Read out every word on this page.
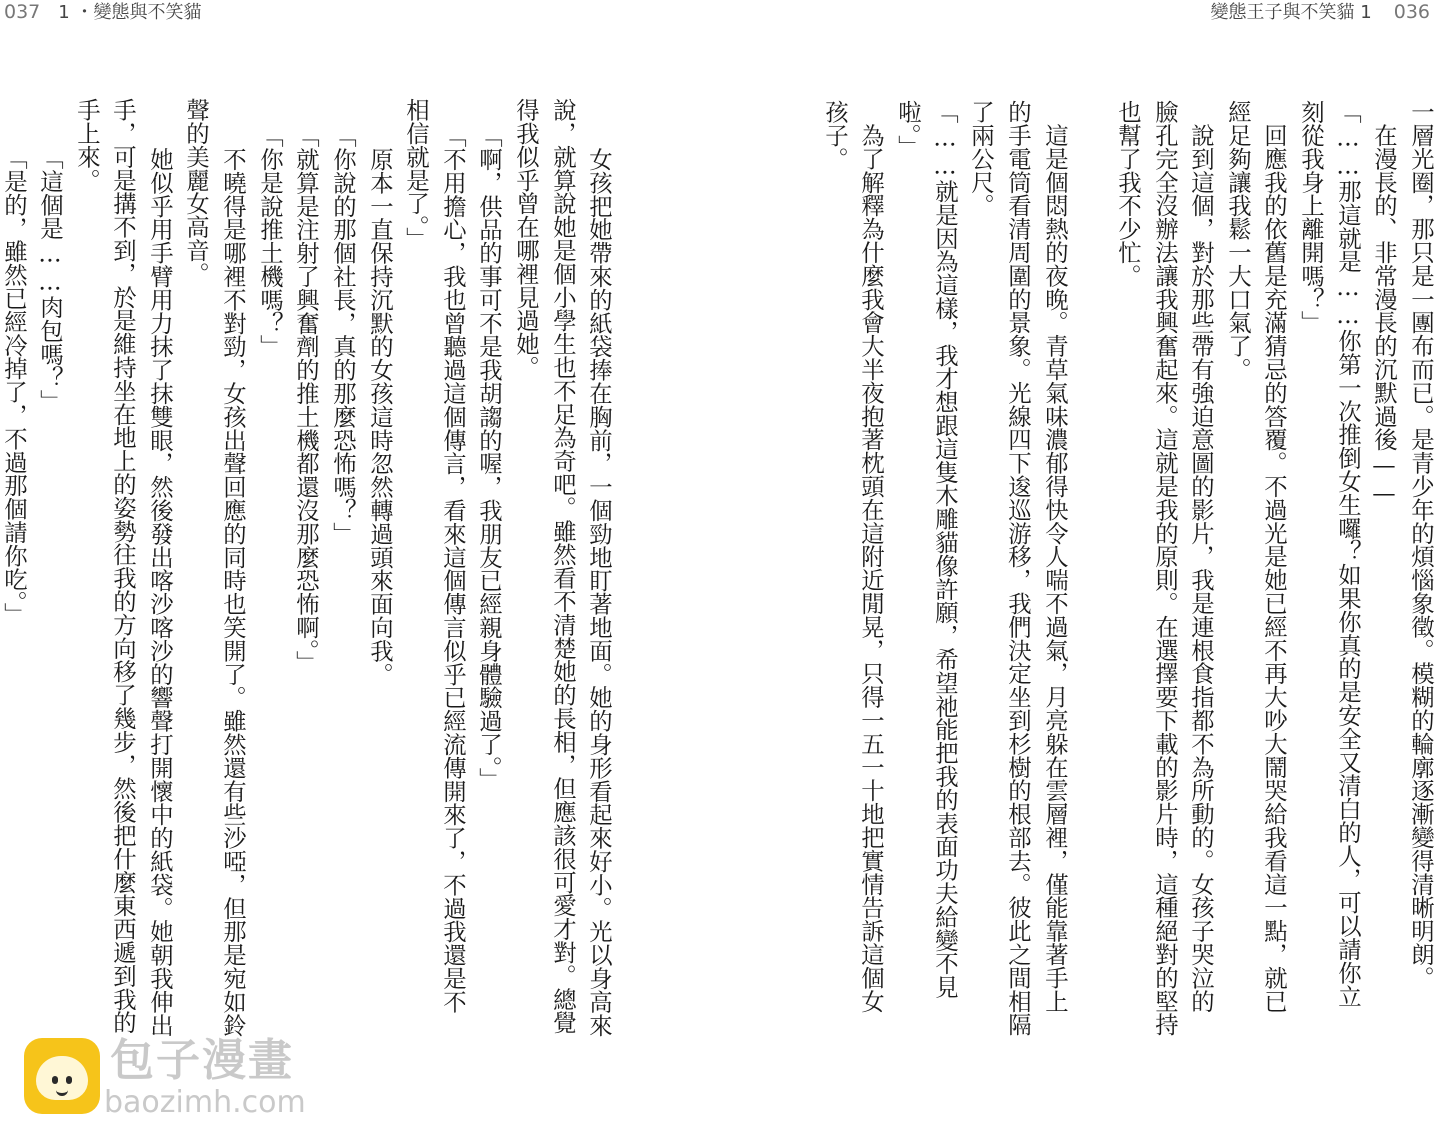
037 1 ・變態與不笑貓	變態王子與不笑貓 1 036
一層光圈，那只是一團布而已。是青少年的煩惱象徵。模糊的輪廓逐漸變得清晰明朗。
　在漫長的、非常漫長的沉默過後——
「……那這就是……你第一次推倒女生囉？如果你真的是安全又清白的人，可以請你立
刻從我身上離開嗎？」
　回應我的依舊是充滿猜忌的答覆。不過光是她已經不再大吵大鬧哭給我看這一點，就已
經足夠讓我鬆一大口氣了。
　說到這個，對於那些帶有強迫意圖的影片，我是連根食指都不為所動的。女孩子哭泣的
臉孔完全沒辦法讓我興奮起來。這就是我的原則。在選擇要下載的影片時，這種絕對的堅持
也幫了我不少忙。
　這是個悶熱的夜晚。青草氣味濃郁得快令人喘不過氣，月亮躲在雲層裡，僅能靠著手上
的手電筒看清周圍的景象。光線四下逡巡游移，我們決定坐到杉樹的根部去。彼此之間相隔
了兩公尺。
「……就是因為這樣，我才想跟這隻木雕貓像許願，希望祂能把我的表面功夫給變不見
啦。」
　為了解釋為什麼我會大半夜抱著枕頭在這附近閒晃，只得一五一十地把實情告訴這個女
孩子。
　女孩把她帶來的紙袋捧在胸前，一個勁地盯著地面。她的身形看起來好小。光以身高來
說，就算說她是個小學生也不足為奇吧。雖然看不清楚她的長相，但應該很可愛才對。總覺
得我似乎曾在哪裡見過她。
「啊，供品的事可不是我胡謅的喔，我朋友已經親身體驗過了。」
「不用擔心，我也曾聽過這個傳言，看來這個傳言似乎已經流傳開來了，不過我還是不
相信就是了。」
　原本一直保持沉默的女孩這時忽然轉過頭來面向我。
「你說的那個社長，真的那麼恐怖嗎？」
「就算是注射了興奮劑的推土機都還沒那麼恐怖啊。」
「你是說推土機嗎？」
　不曉得是哪裡不對勁，女孩出聲回應的同時也笑開了。雖然還有些沙啞，但那是宛如鈴
聲的美麗女高音。
　她似乎用手臂用力抹了抹雙眼，然後發出喀沙喀沙的響聲打開懷中的紙袋。她朝我伸出
手，可是搆不到，於是維持坐在地上的姿勢往我的方向移了幾步，然後把什麼東西遞到我的
手上來。
「這個是……肉包嗎？」
「是的，雖然已經冷掉了，不過那個請你吃。」
包子漫畫
baozimh.com
